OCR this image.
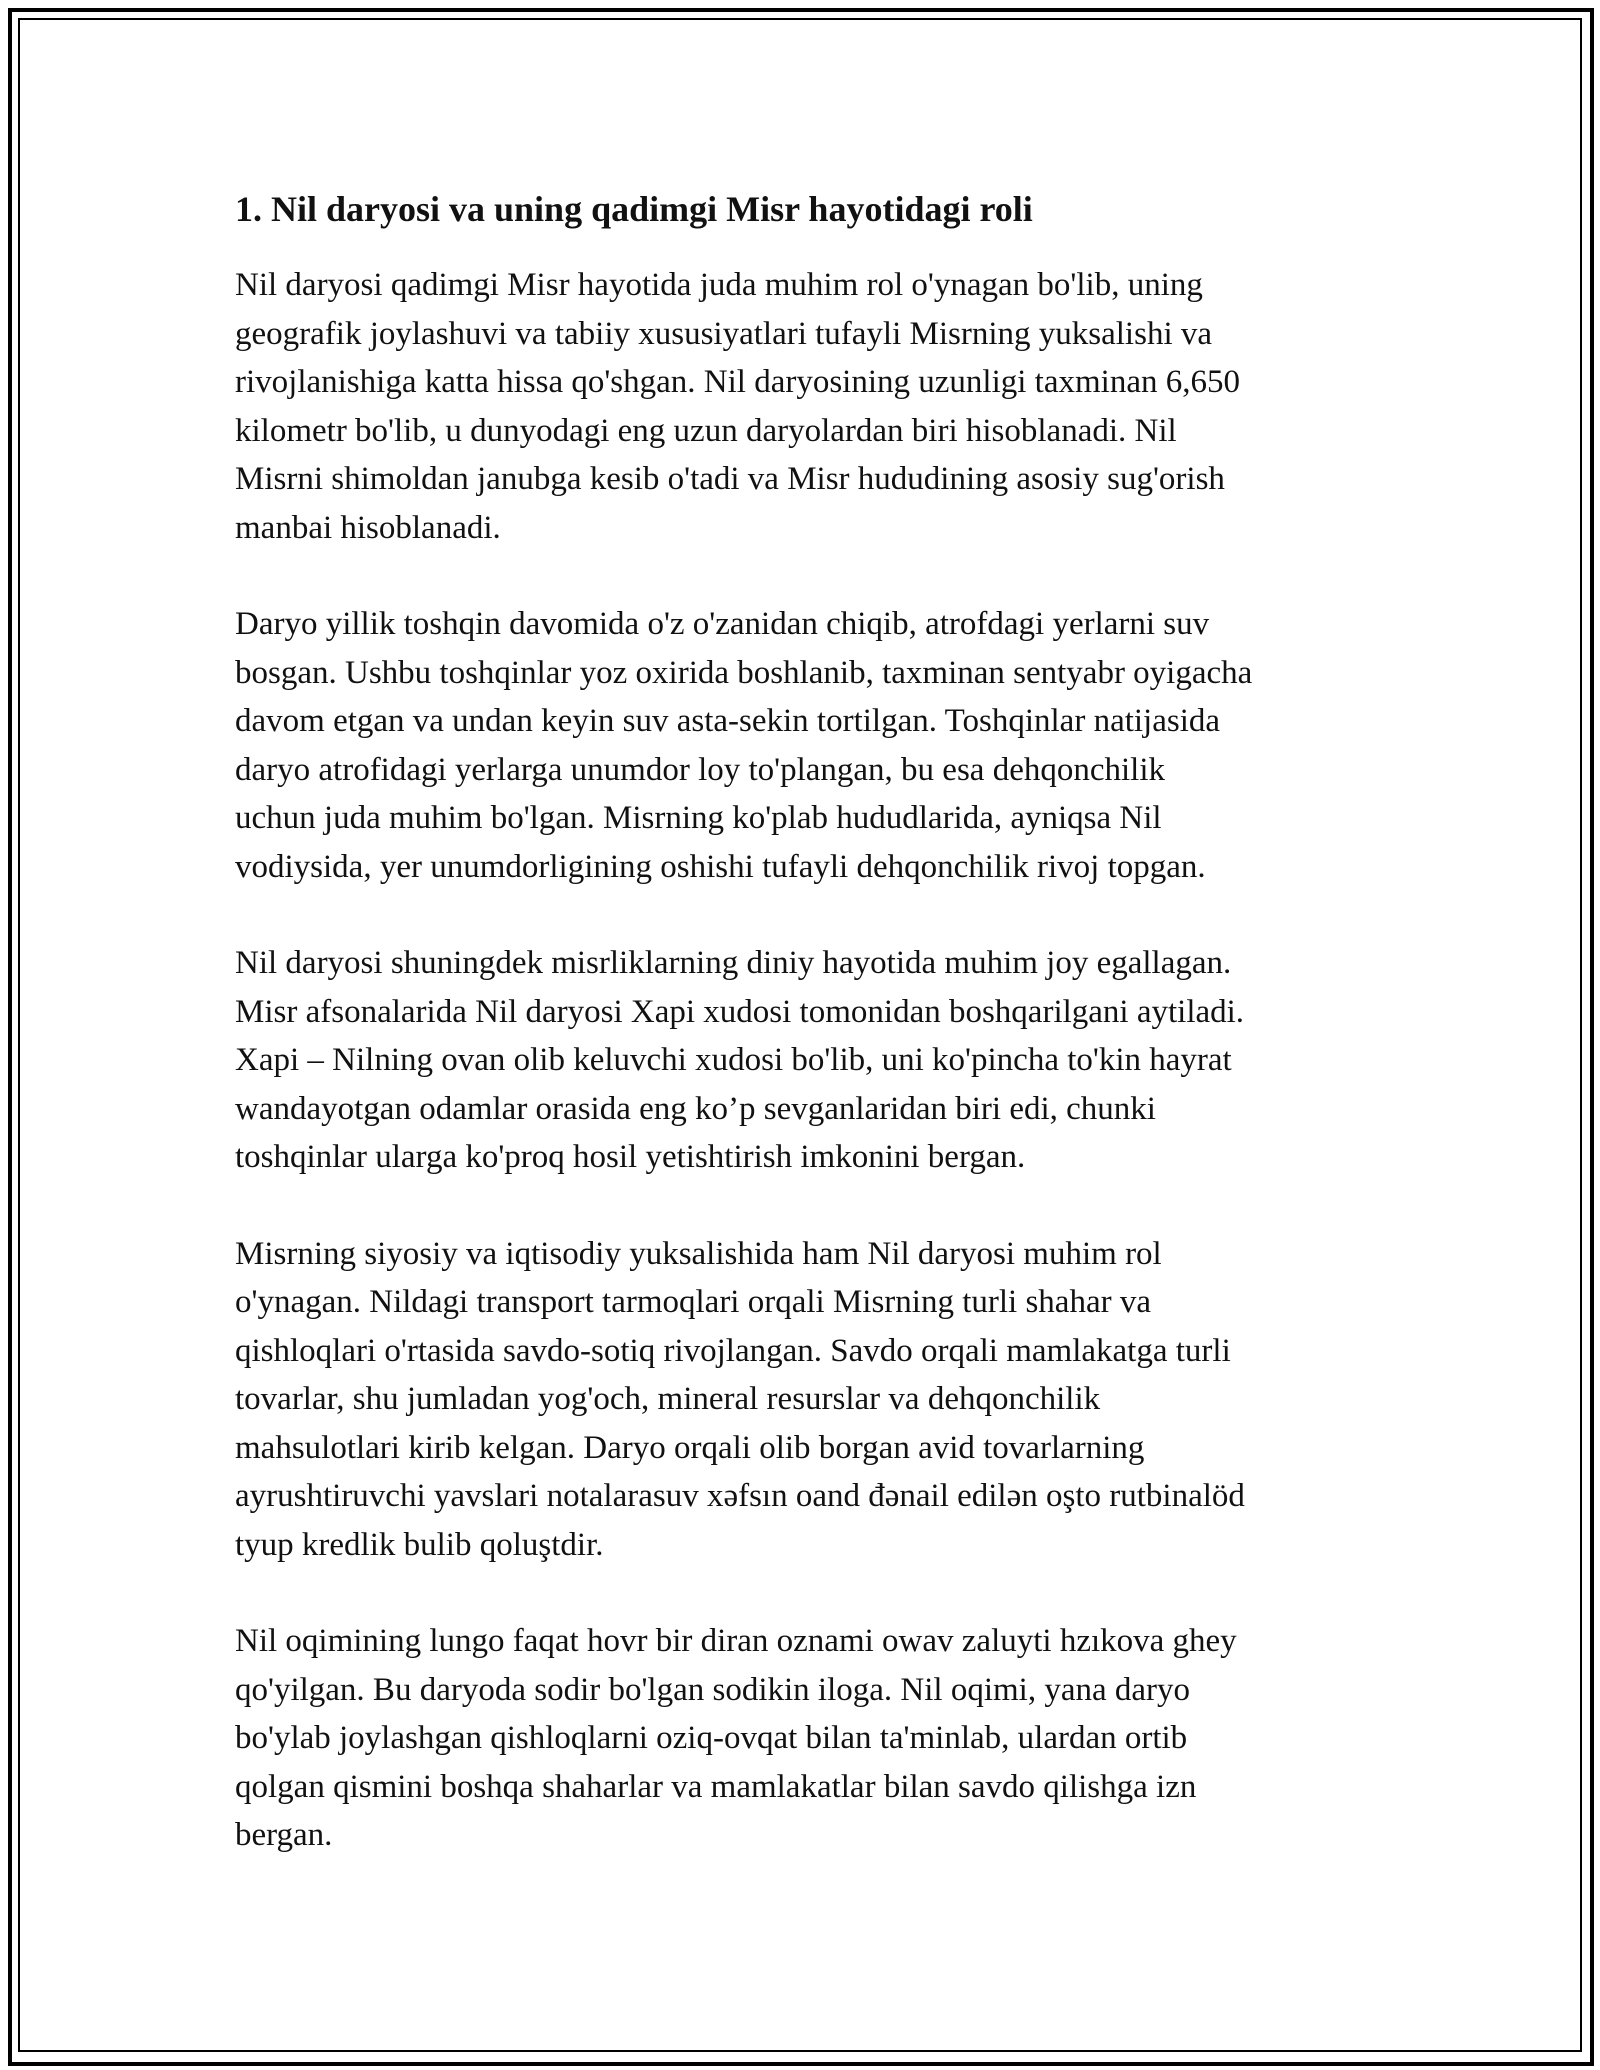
1. Nil daryosi va uning qadimgi Misr hayotidagi roli

Nil daryosi qadimgi Misr hayotida juda muhim rol o'ynagan bo'lib, uning
geografik joylashuvi va tabiiy xususiyatlari tufayli Misrning yuksalishi va
rivojlanishiga katta hissa qo'shgan. Nil daryosining uzunligi taxminan 6,650
kilometr bo'lib, u dunyodagi eng uzun daryolardan biri hisoblanadi. Nil
Misrni shimoldan janubga kesib o'tadi va Misr hududining asosiy sug'orish
manbai hisoblanadi.

Daryo yillik toshqin davomida o'z o'zanidan chiqib, atrofdagi yerlarni suv
bosgan. Ushbu toshqinlar yoz oxirida boshlanib, taxminan sentyabr oyigacha
davom etgan va undan keyin suv asta-sekin tortilgan. Toshqinlar natijasida
daryo atrofidagi yerlarga unumdor loy to'plangan, bu esa dehqonchilik
uchun juda muhim bo'lgan. Misrning ko'plab hududlarida, ayniqsa Nil
vodiysida, yer unumdorligining oshishi tufayli dehqonchilik rivoj topgan.

Nil daryosi shuningdek misrliklarning diniy hayotida muhim joy egallagan.
Misr afsonalarida Nil daryosi Xapi xudosi tomonidan boshqarilgani aytiladi.
Xapi – Nilning ovan olib keluvchi xudosi bo'lib, uni ko'pincha to'kin hayrat
wandayotgan odamlar orasida eng ko’p sevganlaridan biri edi, chunki
toshqinlar ularga ko'proq hosil yetishtirish imkonini bergan.

Misrning siyosiy va iqtisodiy yuksalishida ham Nil daryosi muhim rol
o'ynagan. Nildagi transport tarmoqlari orqali Misrning turli shahar va
qishloqlari o'rtasida savdo-sotiq rivojlangan. Savdo orqali mamlakatga turli
tovarlar, shu jumladan yog'och, mineral resurslar va dehqonchilik
mahsulotlari kirib kelgan. Daryo orqali olib borgan avid tovarlarning
ayrushtiruvchi yavslari notalarasuv xəfsın oand đənail edilən oşto rutbinalöd
tyup kredlik bulib qoluştdir.

Nil oqimining lungo faqat hovr bir diran oznami owav zaluyti hzıkova ghey
qo'yilgan. Bu daryoda sodir bo'lgan sodikin iloga. Nil oqimi, yana daryo
bo'ylab joylashgan qishloqlarni oziq-ovqat bilan ta'minlab, ulardan ortib
qolgan qismini boshqa shaharlar va mamlakatlar bilan savdo qilishga izn
bergan.
